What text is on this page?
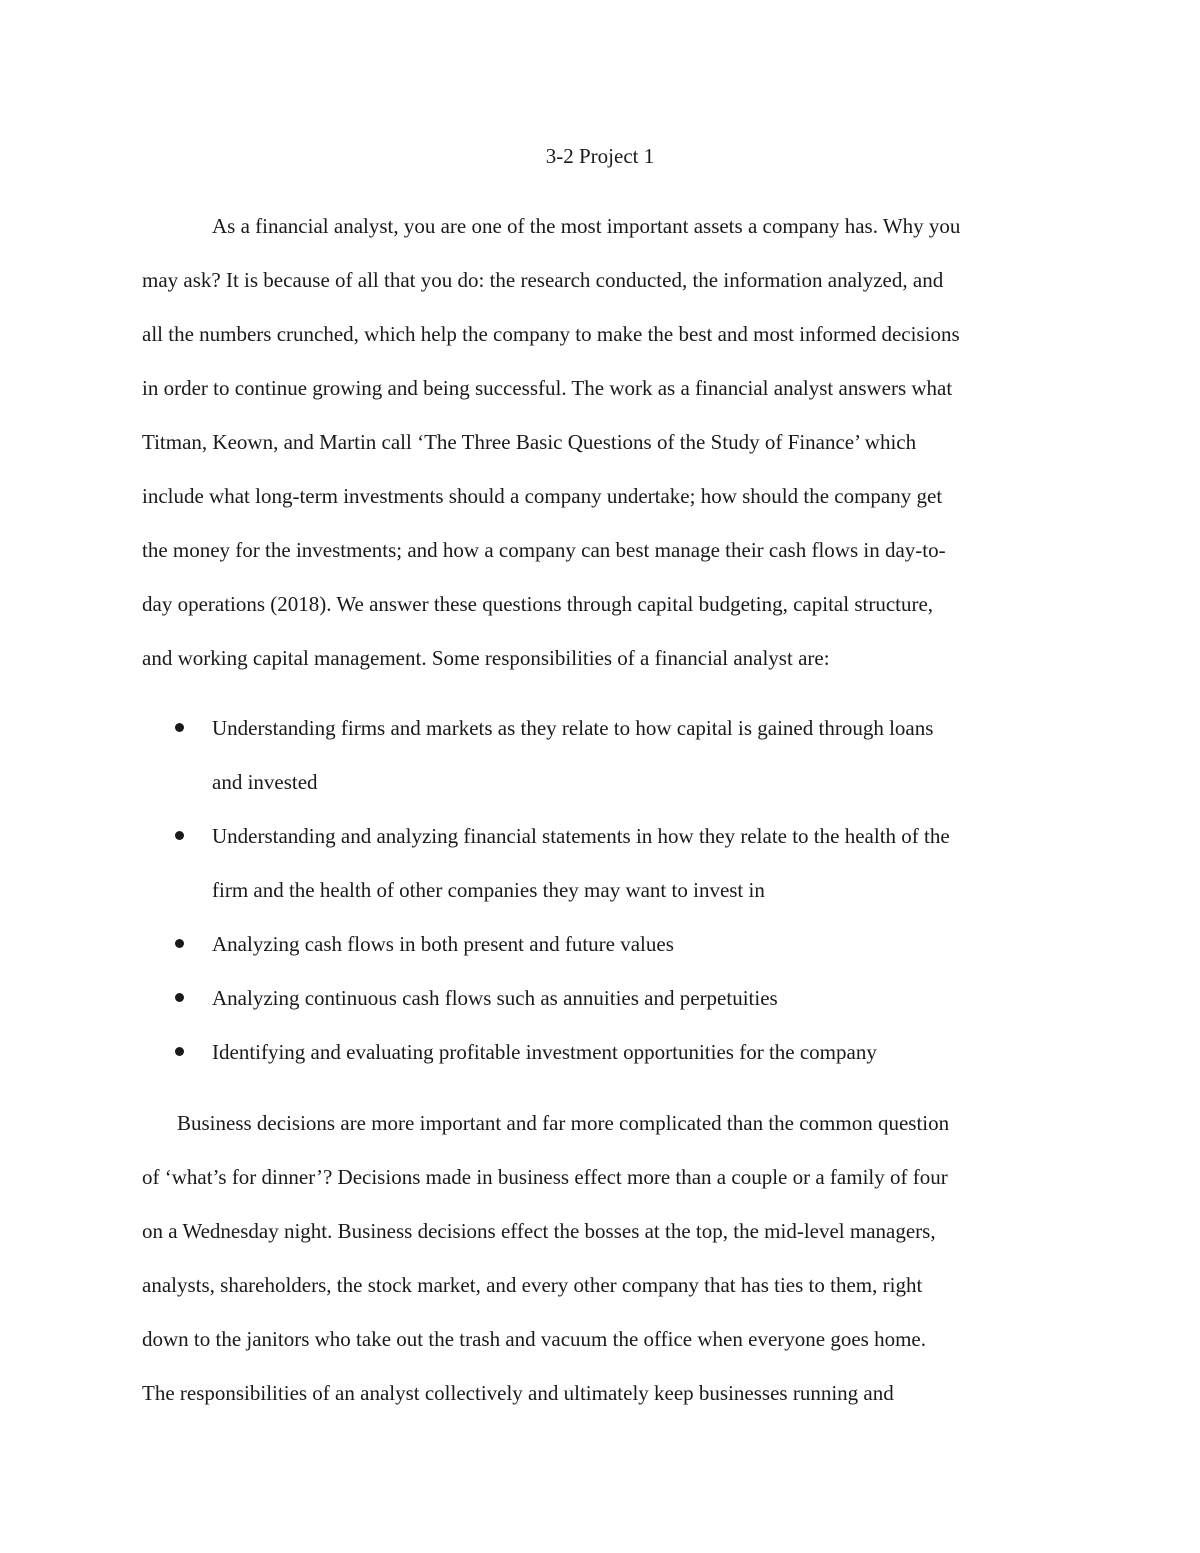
3-2 Project 1
As a financial analyst, you are one of the most important assets a company has. Why you
may ask? It is because of all that you do: the research conducted, the information analyzed, and
all the numbers crunched, which help the company to make the best and most informed decisions
in order to continue growing and being successful. The work as a financial analyst answers what
Titman, Keown, and Martin call ‘The Three Basic Questions of the Study of Finance’ which
include what long-term investments should a company undertake; how should the company get
the money for the investments; and how a company can best manage their cash flows in day-to-
day operations (2018). We answer these questions through capital budgeting, capital structure,
and working capital management. Some responsibilities of a financial analyst are:
Understanding firms and markets as they relate to how capital is gained through loans
and invested
Understanding and analyzing financial statements in how they relate to the health of the
firm and the health of other companies they may want to invest in
Analyzing cash flows in both present and future values
Analyzing continuous cash flows such as annuities and perpetuities
Identifying and evaluating profitable investment opportunities for the company
Business decisions are more important and far more complicated than the common question
of ‘what’s for dinner’? Decisions made in business effect more than a couple or a family of four
on a Wednesday night. Business decisions effect the bosses at the top, the mid-level managers,
analysts, shareholders, the stock market, and every other company that has ties to them, right
down to the janitors who take out the trash and vacuum the office when everyone goes home.
The responsibilities of an analyst collectively and ultimately keep businesses running and
